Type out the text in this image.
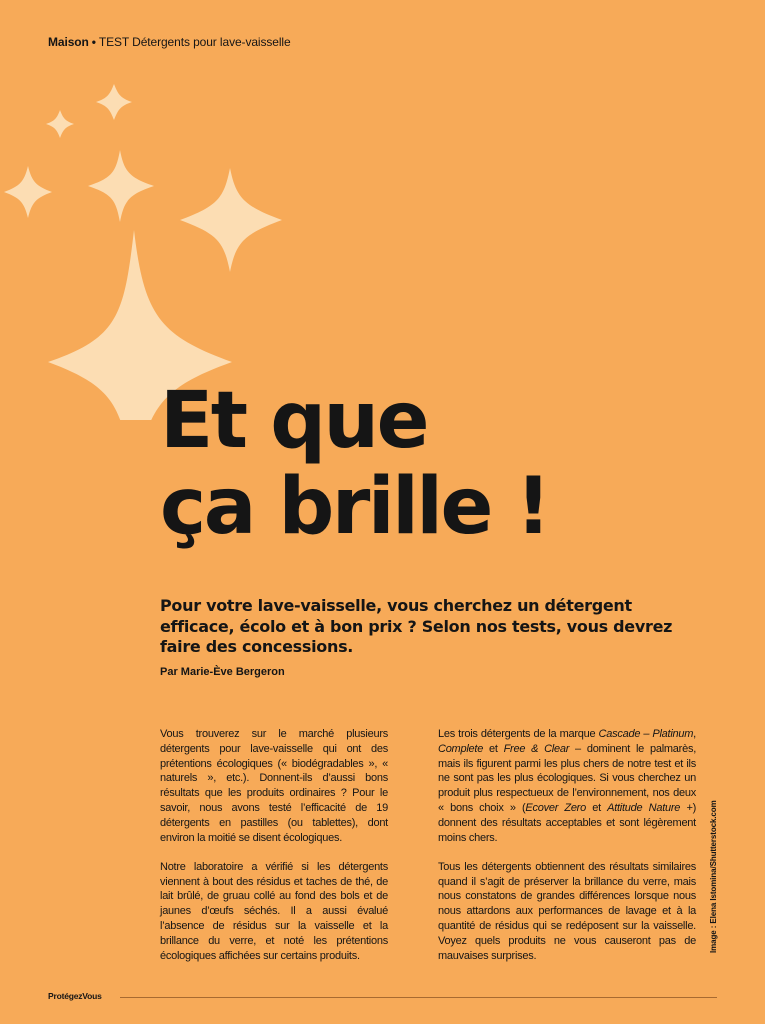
Maison • TEST Détergents pour lave-vaisselle
Et que
ça brille !

Pour votre lave-vaisselle, vous cherchez un détergent efficace, écolo et à bon prix ? Selon nos tests, vous devrez faire des concessions.

Par Marie-Ève Bergeron

Vous trouverez sur le marché plusieurs détergents pour lave-vaisselle qui ont des prétentions écologiques (« biodégradables », « naturels », etc.). Donnent-ils d’aussi bons résultats que les produits ordinaires ? Pour le savoir, nous avons testé l’efficacité de 19 détergents en pastilles (ou tablettes), dont environ la moitié se disent écologiques.

Notre laboratoire a vérifié si les détergents viennent à bout des résidus et taches de thé, de lait brûlé, de gruau collé au fond des bols et de jaunes d’œufs séchés. Il a aussi évalué l’absence de résidus sur la vaisselle et la brillance du verre, et noté les prétentions écologiques affichées sur certains produits.

Les trois détergents de la marque Cascade – Platinum, Complete et Free & Clear – dominent le palmarès, mais ils figurent parmi les plus chers de notre test et ils ne sont pas les plus écologiques. Si vous cherchez un produit plus respectueux de l’environnement, nos deux « bons choix » (Ecover Zero et Attitude Nature +) donnent des résultats acceptables et sont légèrement moins chers.

Tous les détergents obtiennent des résultats similaires quand il s’agit de préserver la brillance du verre, mais nous constatons de grandes différences lorsque nous nous attardons aux performances de lavage et à la quantité de résidus qui se redéposent sur la vaisselle. Voyez quels produits ne vous causeront pas de mauvaises surprises.

Image : Elena Istomina/Shutterstock.com
ProtégezVous
